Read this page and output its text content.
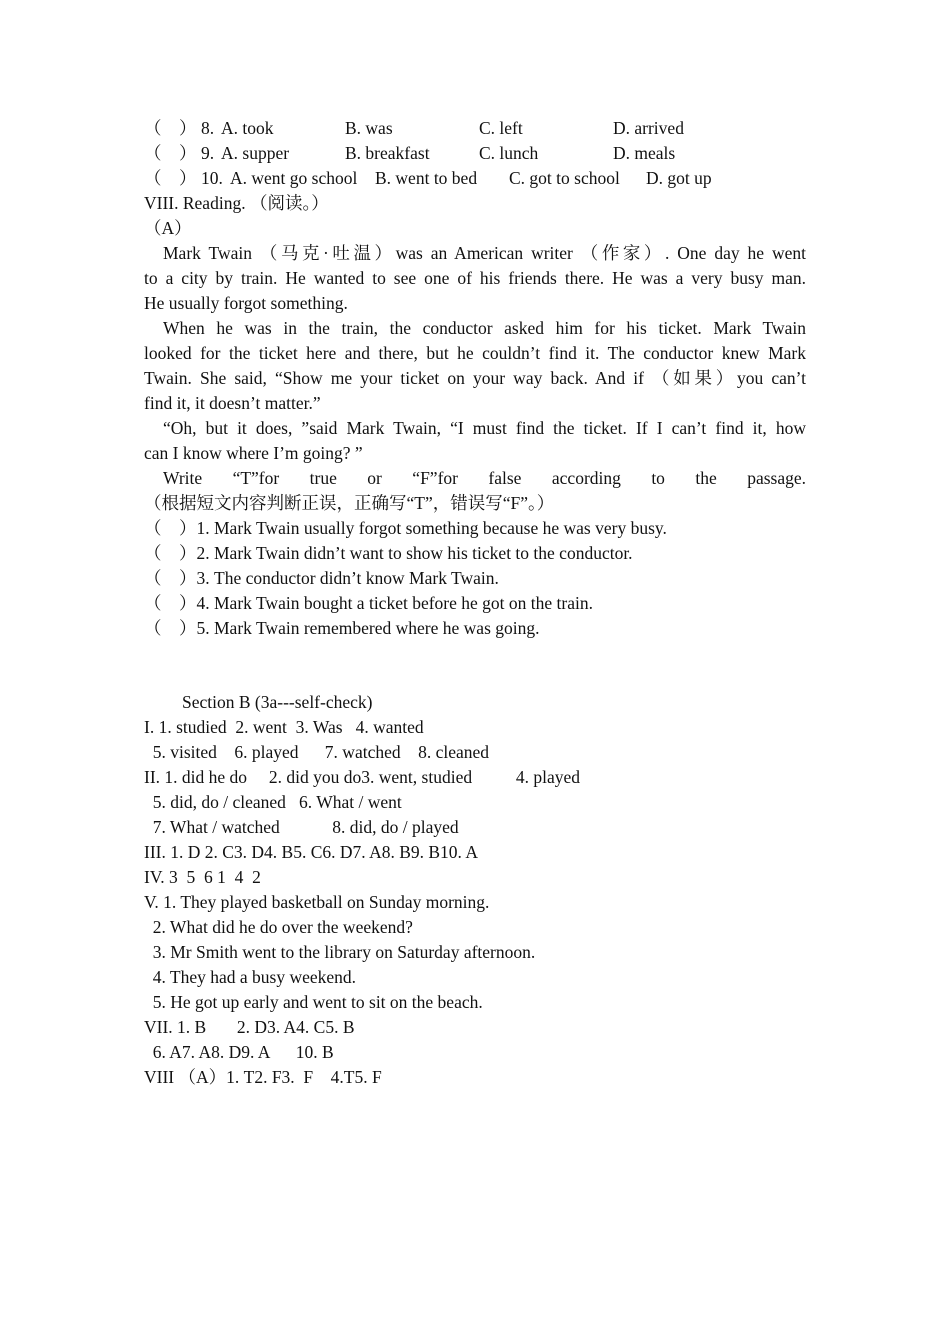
（    ） 8. A. took	B. was	C. left	D. arrived
（    ） 9. A. supper	B. breakfast	C. lunch	D. meals
（    ） 10. A. went go school B. went to bed C. got to school D. got up
VIII. Reading. （阅读。）
（A）
Mark Twain （马克·吐温）was an American writer （作家）. One day he went
to a city by train. He wanted to see one of his friends there. He was a very busy man.
He usually forgot something.
When he was in the train, the conductor asked him for his ticket. Mark Twain
looked for the ticket here and there, but he couldn’t find it. The conductor knew Mark
Twain. She said, “Show me your ticket on your way back. And if （如果）you can’t
find it, it doesn’t matter.”
“Oh, but it does, ”said Mark Twain, “I must find the ticket. If I can’t find it, how
can I know where I’m going? ”
Write “T”for true or “F”for false according to the passage.
（根据短文内容判断正误，正确写“T”，错误写“F”。）
（    ）1. Mark Twain usually forgot something because he was very busy.
（    ）2. Mark Twain didn’t want to show his ticket to the conductor.
（    ）3. The conductor didn’t know Mark Twain.
（    ）4. Mark Twain bought a ticket before he got on the train.
（    ）5. Mark Twain remembered where he was going.
Section B (3a---self-check)
I. 1. studied  2. went  3. Was   4. wanted
5. visited    6. played      7. watched    8. cleaned
II. 1. did he do     2. did you do3. went, studied          4. played
5. did, do / cleaned   6. What / went
7. What / watched            8. did, do / played
III. 1. D 2. C3. D4. B5. C6. D7. A8. B9. B10. A
IV. 3  5  6 1  4  2
V. 1. They played basketball on Sunday morning.
2. What did he do over the weekend?
3. Mr Smith went to the library on Saturday afternoon.
4. They had a busy weekend.
5. He got up early and went to sit on the beach.
VII. 1. B       2. D3. A4. C5. B
6. A7. A8. D9. A      10. B
VIII （A）1. T2. F3.  F    4.T5. F
